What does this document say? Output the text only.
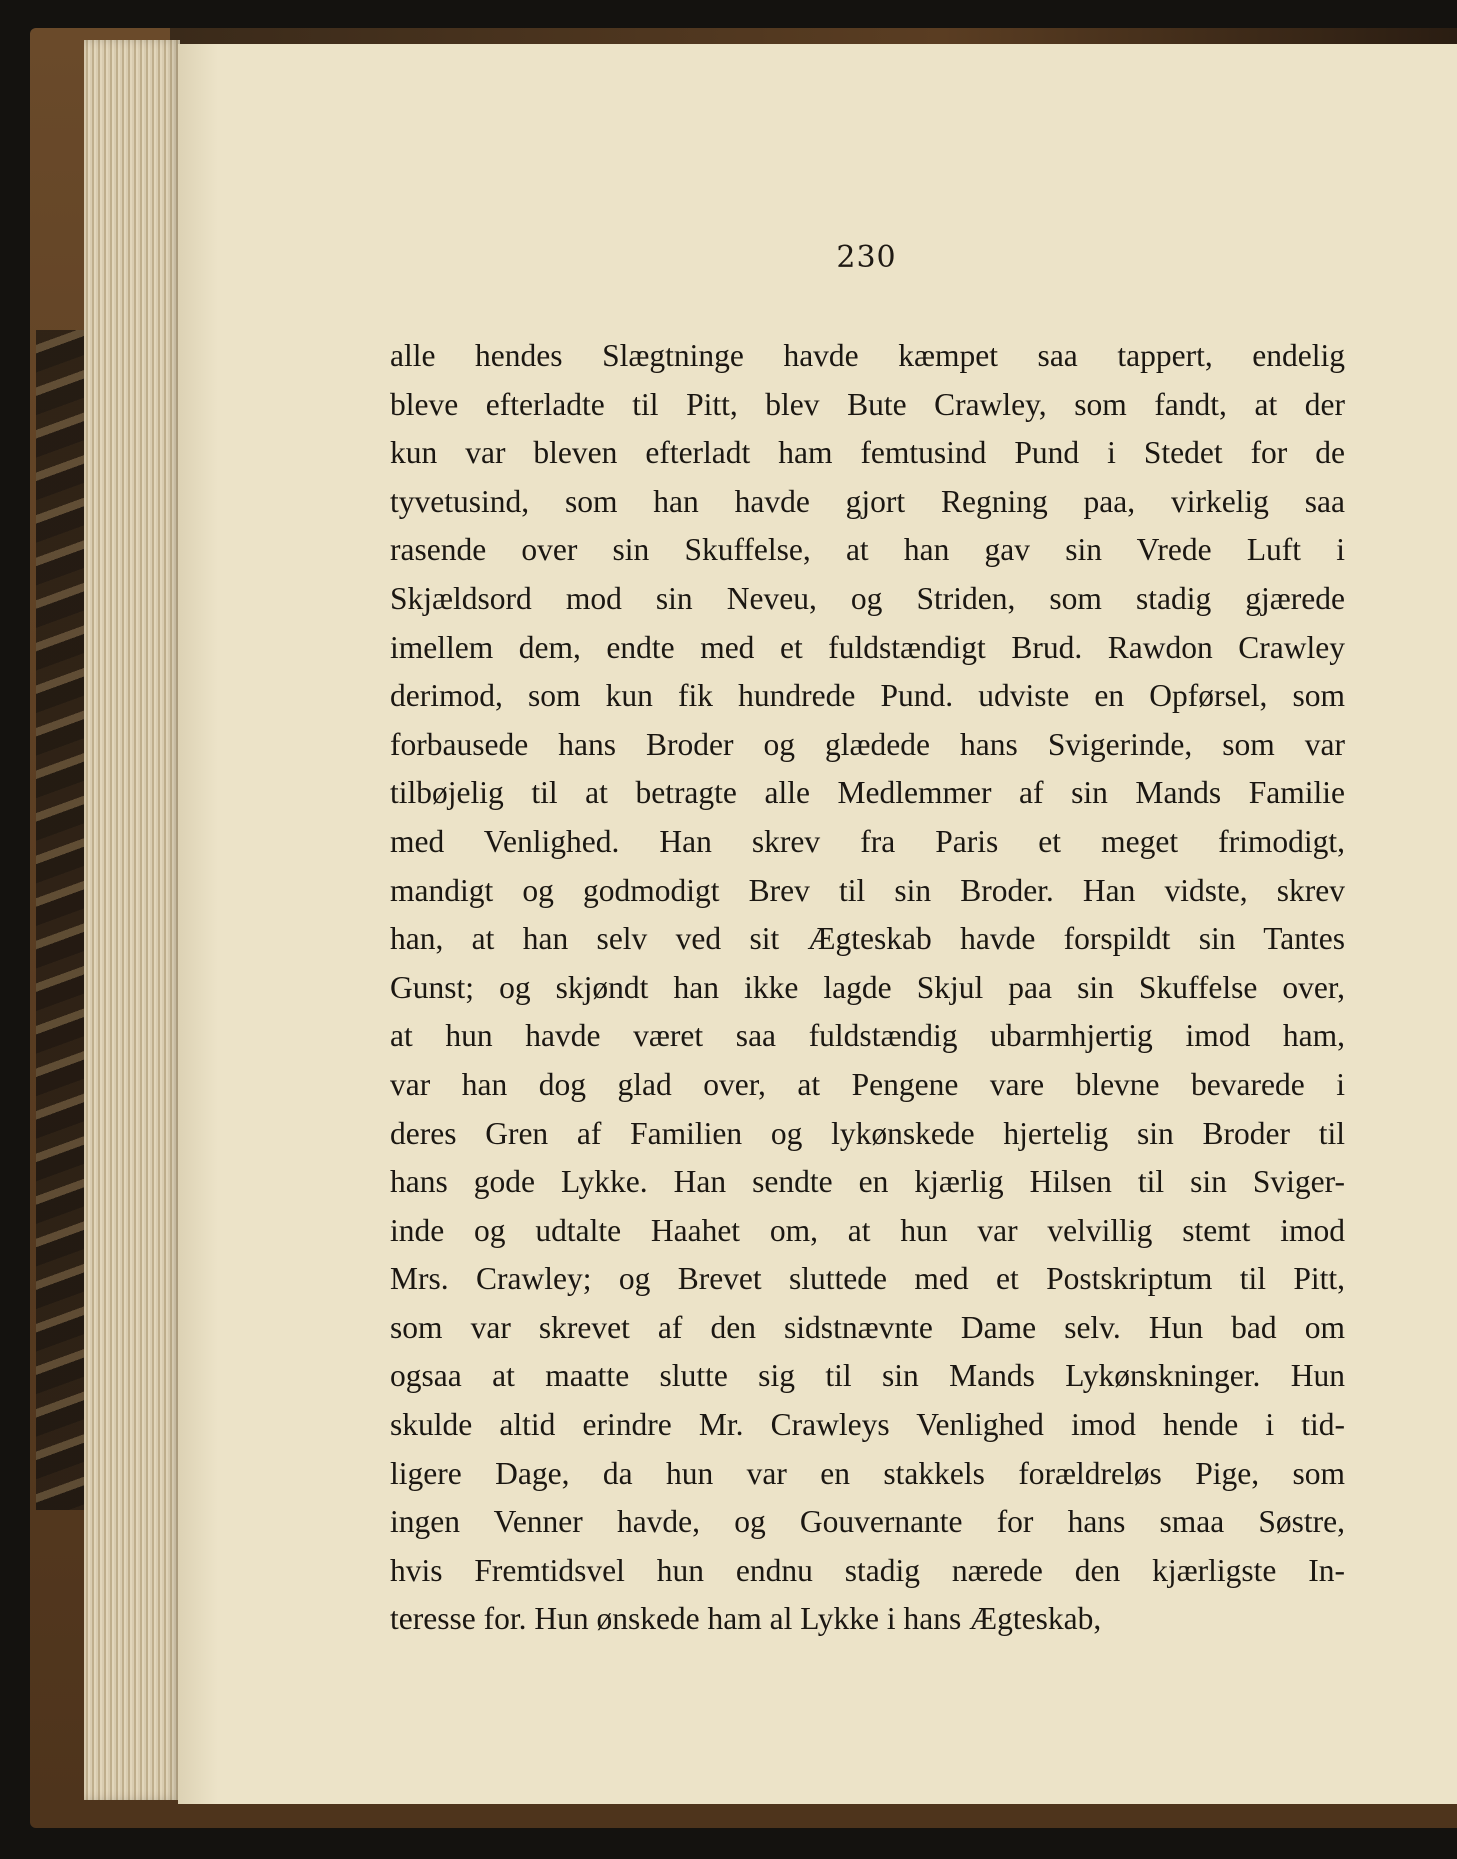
230
alle hendes Slægtninge havde kæmpet saa tappert, endelig
bleve efterladte til Pitt, blev Bute Crawley, som fandt, at der
kun var bleven efterladt ham femtusind Pund i Stedet for de
tyvetusind, som han havde gjort Regning paa, virkelig saa
rasende over sin Skuffelse, at han gav sin Vrede Luft i
Skjældsord mod sin Neveu, og Striden, som stadig gjærede
imellem dem, endte med et fuldstændigt Brud. Rawdon Crawley
derimod, som kun fik hundrede Pund. udviste en Opførsel, som
forbausede hans Broder og glædede hans Svigerinde, som var
tilbøjelig til at betragte alle Medlemmer af sin Mands Familie
med Venlighed. Han skrev fra Paris et meget frimodigt,
mandigt og godmodigt Brev til sin Broder. Han vidste, skrev
han, at han selv ved sit Ægteskab havde forspildt sin Tantes
Gunst; og skjøndt han ikke lagde Skjul paa sin Skuffelse over,
at hun havde været saa fuldstændig ubarmhjertig imod ham,
var han dog glad over, at Pengene vare blevne bevarede i
deres Gren af Familien og lykønskede hjertelig sin Broder til
hans gode Lykke. Han sendte en kjærlig Hilsen til sin Sviger-
inde og udtalte Haahet om, at hun var velvillig stemt imod
Mrs. Crawley; og Brevet sluttede med et Postskriptum til Pitt,
som var skrevet af den sidstnævnte Dame selv. Hun bad om
ogsaa at maatte slutte sig til sin Mands Lykønskninger. Hun
skulde altid erindre Mr. Crawleys Venlighed imod hende i tid-
ligere Dage, da hun var en stakkels forældreløs Pige, som
ingen Venner havde, og Gouvernante for hans smaa Søstre,
hvis Fremtidsvel hun endnu stadig nærede den kjærligste In-
teresse for. Hun ønskede ham al Lykke i hans Ægteskab,
